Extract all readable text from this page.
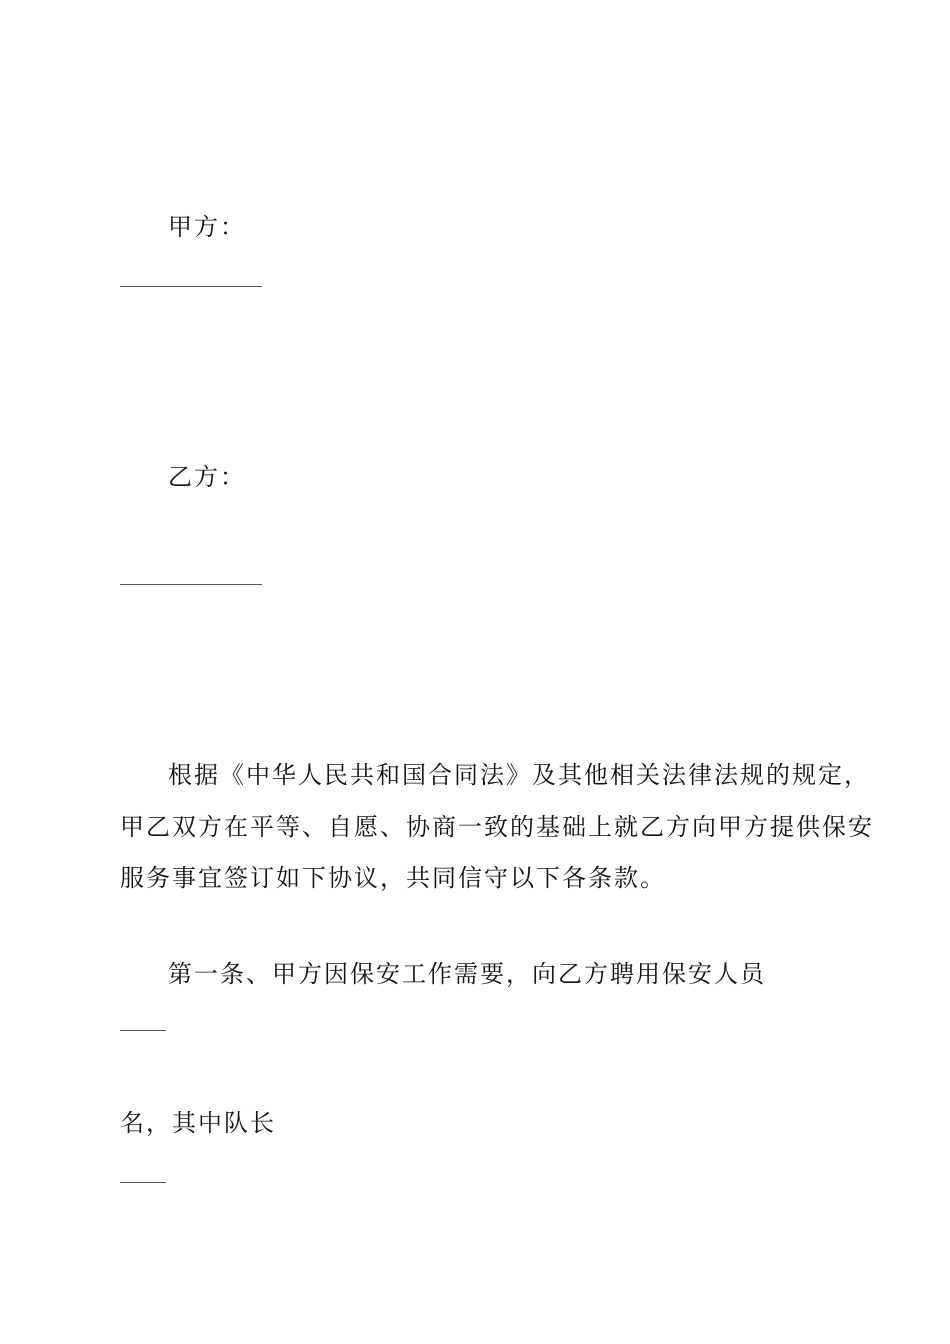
甲方：
乙方：
根据《中华人民共和国合同法》及其他相关法律法规的规定，
甲乙双方在平等、自愿、协商一致的基础上就乙方向甲方提供保安
服务事宜签订如下协议，共同信守以下各条款。
第一条、甲方因保安工作需要，向乙方聘用保安人员
名，其中队长
